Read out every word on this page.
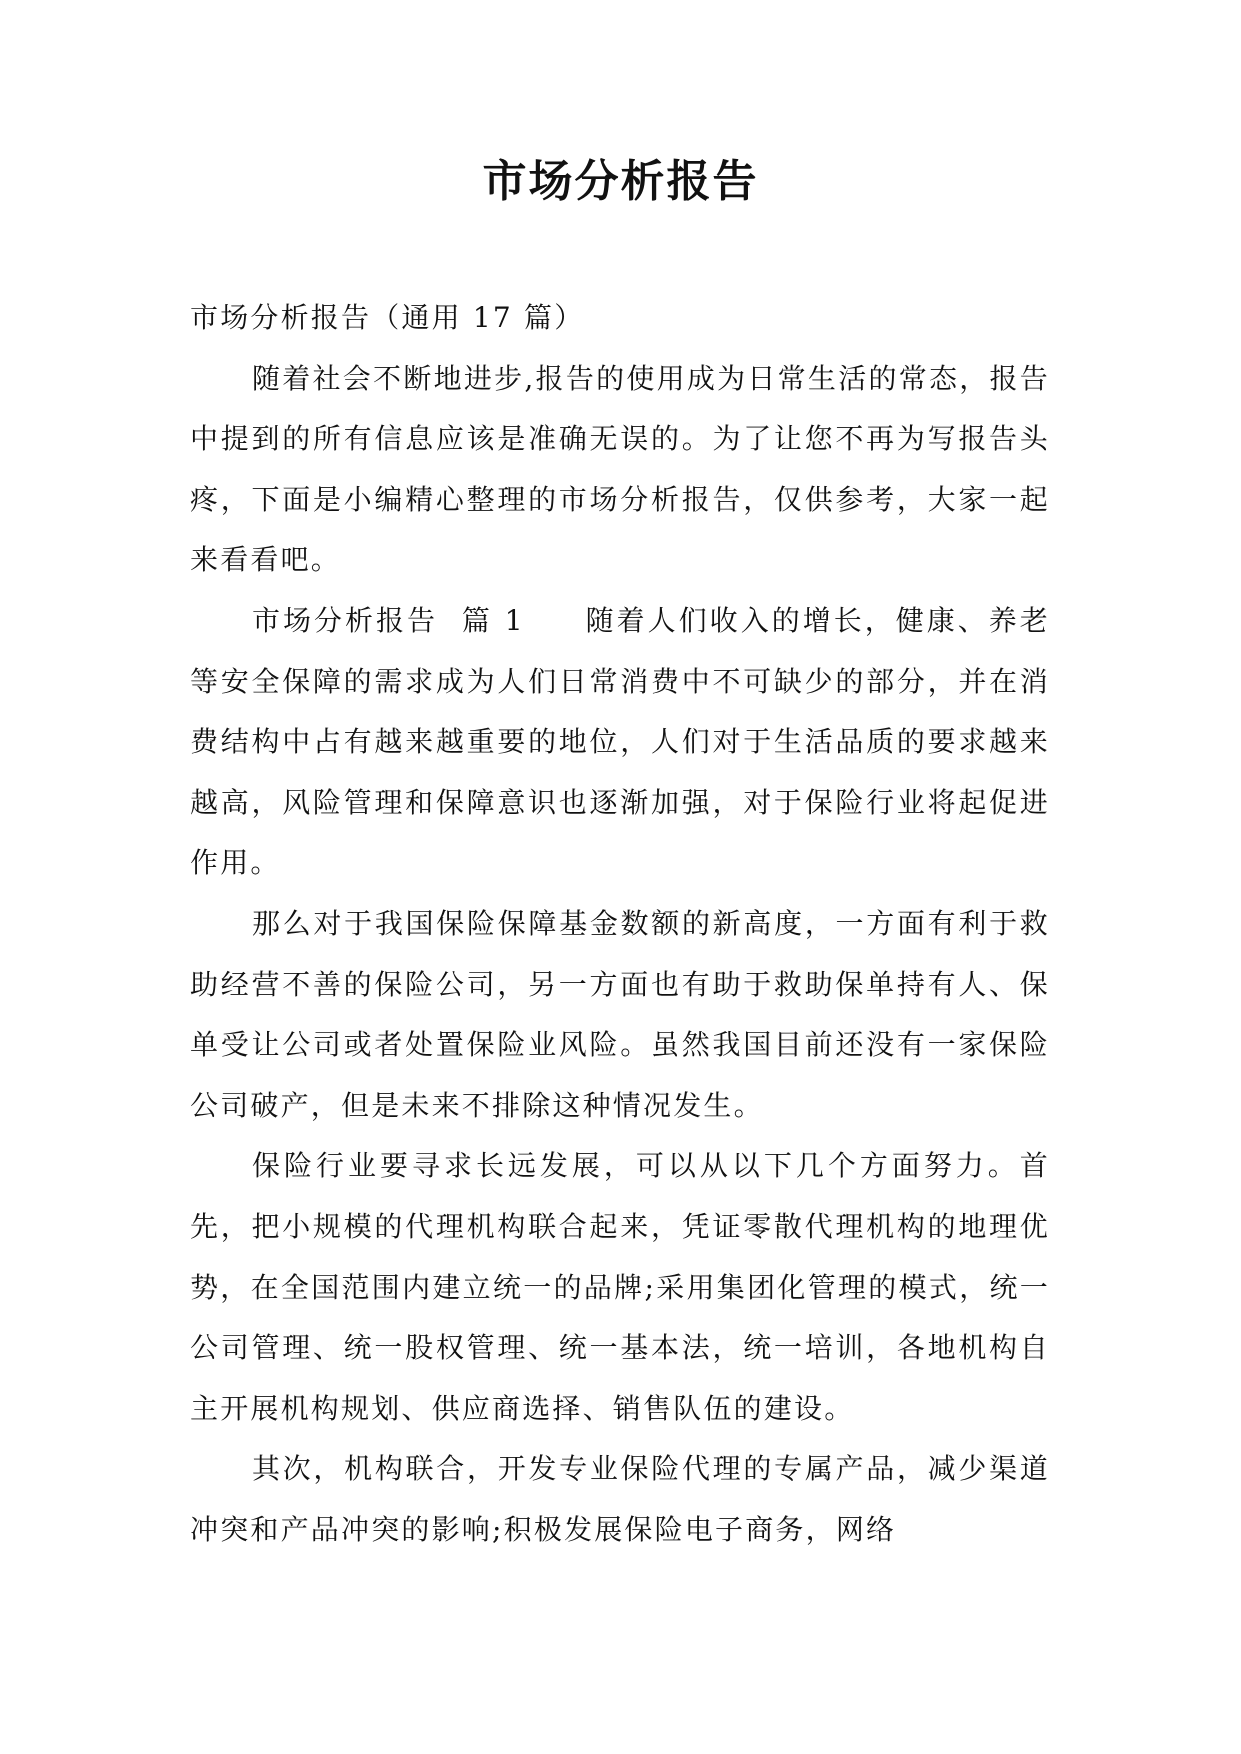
市场分析报告

市场分析报告（通用 17 篇）

随着社会不断地进步,报告的使用成为日常生活的常态，报告中提到的所有信息应该是准确无误的。为了让您不再为写报告头疼，下面是小编精心整理的市场分析报告，仅供参考，大家一起来看看吧。

市场分析报告  篇 1 随着人们收入的增长，健康、养老等安全保障的需求成为人们日常消费中不可缺少的部分，并在消费结构中占有越来越重要的地位，人们对于生活品质的要求越来越高，风险管理和保障意识也逐渐加强，对于保险行业将起促进作用。

那么对于我国保险保障基金数额的新高度，一方面有利于救助经营不善的保险公司，另一方面也有助于救助保单持有人、保单受让公司或者处置保险业风险。虽然我国目前还没有一家保险公司破产，但是未来不排除这种情况发生。

保险行业要寻求长远发展，可以从以下几个方面努力。首先，把小规模的代理机构联合起来，凭证零散代理机构的地理优势，在全国范围内建立统一的品牌;采用集团化管理的模式，统一公司管理、统一股权管理、统一基本法，统一培训，各地机构自主开展机构规划、供应商选择、销售队伍的建设。

其次，机构联合，开发专业保险代理的专属产品，减少渠道冲突和产品冲突的影响;积极发展保险电子商务，网络
